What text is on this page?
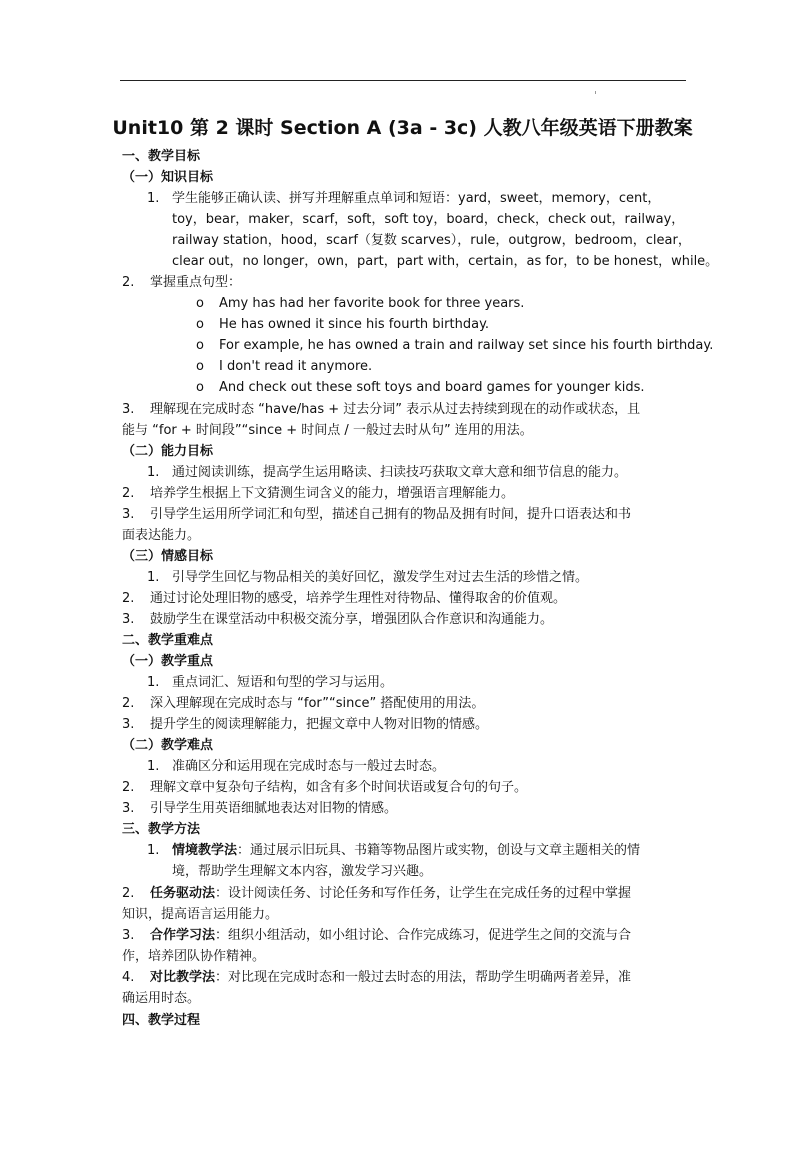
Unit10 第 2 课时 Section A (3a - 3c) 人教八年级英语下册教案
一、教学目标
（一）知识目标
1. 学生能够正确认读、拼写并理解重点单词和短语：yard，sweet，memory，cent，
toy，bear，maker，scarf，soft，soft toy，board，check，check out，railway，
railway station，hood，scarf（复数 scarves），rule，outgrow，bedroom，clear，
clear out，no longer，own，part，part with，certain，as for，to be honest，while。
2. 掌握重点句型：
o Amy has had her favorite book for three years.
o He has owned it since his fourth birthday.
o For example, he has owned a train and railway set since his fourth birthday.
o I don't read it anymore.
o And check out these soft toys and board games for younger kids.
3. 理解现在完成时态 “have/has + 过去分词” 表示从过去持续到现在的动作或状态，且
能与 “for + 时间段”“since + 时间点 / 一般过去时从句” 连用的用法。
（二）能力目标
1. 通过阅读训练，提高学生运用略读、扫读技巧获取文章大意和细节信息的能力。
2. 培养学生根据上下文猜测生词含义的能力，增强语言理解能力。
3. 引导学生运用所学词汇和句型，描述自己拥有的物品及拥有时间，提升口语表达和书
面表达能力。
（三）情感目标
1. 引导学生回忆与物品相关的美好回忆，激发学生对过去生活的珍惜之情。
2. 通过讨论处理旧物的感受，培养学生理性对待物品、懂得取舍的价值观。
3. 鼓励学生在课堂活动中积极交流分享，增强团队合作意识和沟通能力。
二、教学重难点
（一）教学重点
1. 重点词汇、短语和句型的学习与运用。
2. 深入理解现在完成时态与 “for”“since” 搭配使用的用法。
3. 提升学生的阅读理解能力，把握文章中人物对旧物的情感。
（二）教学难点
1. 准确区分和运用现在完成时态与一般过去时态。
2. 理解文章中复杂句子结构，如含有多个时间状语或复合句的句子。
3. 引导学生用英语细腻地表达对旧物的情感。
三、教学方法
1. 情境教学法：通过展示旧玩具、书籍等物品图片或实物，创设与文章主题相关的情
境，帮助学生理解文本内容，激发学习兴趣。
2. 任务驱动法：设计阅读任务、讨论任务和写作任务，让学生在完成任务的过程中掌握
知识，提高语言运用能力。
3. 合作学习法：组织小组活动，如小组讨论、合作完成练习，促进学生之间的交流与合
作，培养团队协作精神。
4. 对比教学法：对比现在完成时态和一般过去时态的用法，帮助学生明确两者差异，准
确运用时态。
四、教学过程
